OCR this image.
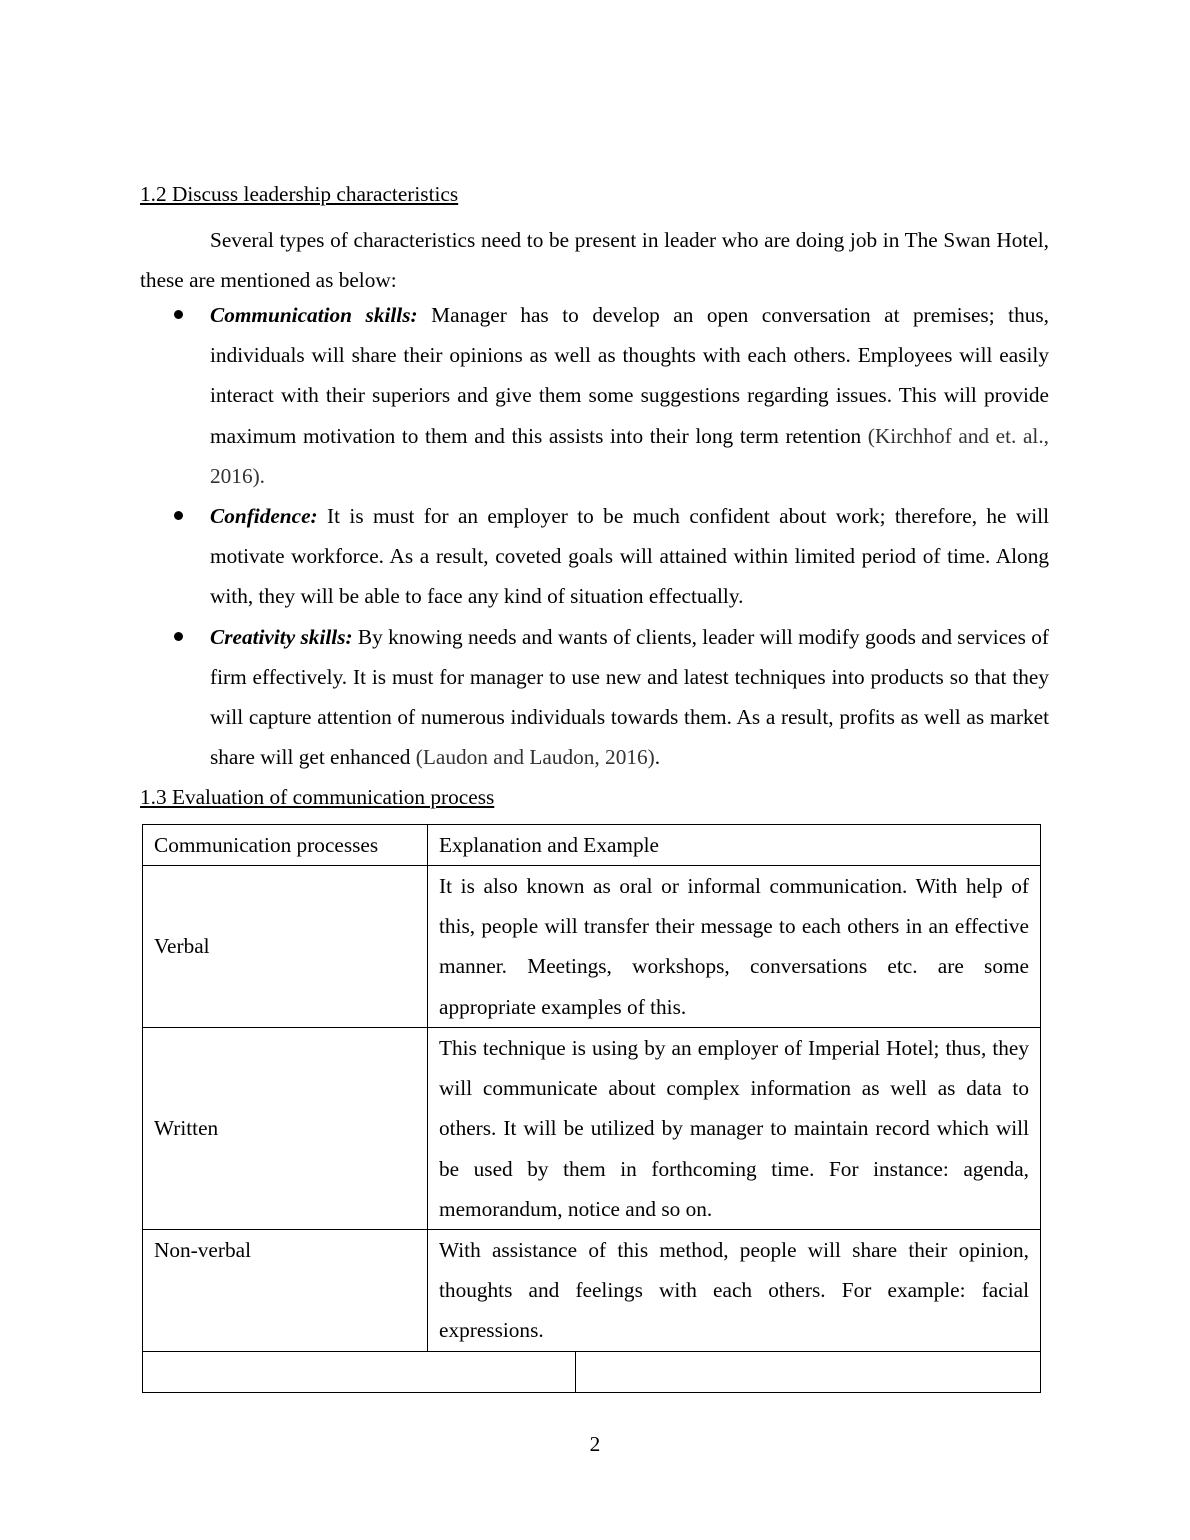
1.2 Discuss leadership characteristics

Several types of characteristics need to be present in leader who are doing job in The Swan Hotel, these are mentioned as below:

Communication skills: Manager has to develop an open conversation at premises; thus, individuals will share their opinions as well as thoughts with each others. Employees will easily interact with their superiors and give them some suggestions regarding issues. This will provide maximum motivation to them and this assists into their long term retention (Kirchhof and et. al., 2016).
Confidence: It is must for an employer to be much confident about work; therefore, he will motivate workforce. As a result, coveted goals will attained within limited period of time. Along with, they will be able to face any kind of situation effectually.
Creativity skills: By knowing needs and wants of clients, leader will modify goods and services of firm effectively. It is must for manager to use new and latest techniques into products so that they will capture attention of numerous individuals towards them. As a result, profits as well as market share will get enhanced (Laudon and Laudon, 2016).
1.3 Evaluation of communication process
Communication processes	Explanation and Example
Verbal	It is also known as oral or informal communication. With help of this, people will transfer their message to each others in an effective manner. Meetings, workshops, conversations etc. are some appropriate examples of this.
Written	This technique is using by an employer of Imperial Hotel; thus, they will communicate about complex information as well as data to others. It will be utilized by manager to maintain record which will be used by them in forthcoming time. For instance: agenda, memorandum, notice and so on.
Non-verbal	With assistance of this method, people will share their opinion, thoughts and feelings with each others. For example: facial expressions.

2
